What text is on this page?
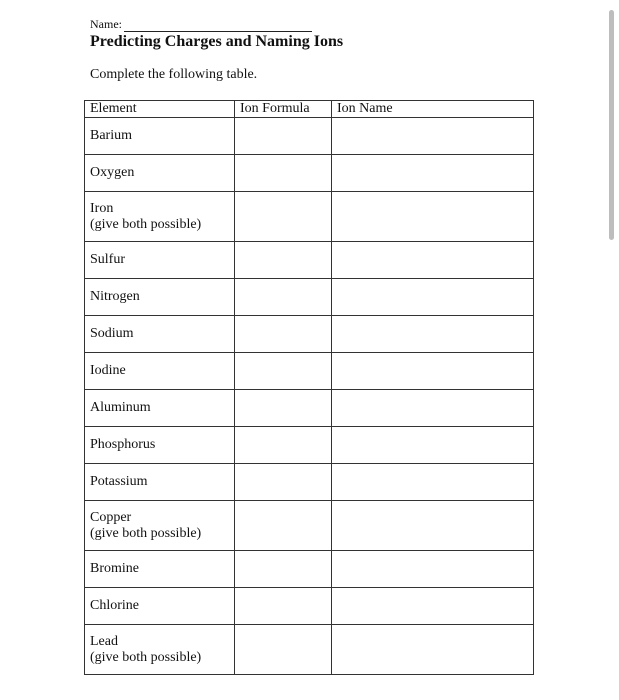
Name:
Predicting Charges and Naming Ions

Complete the following table.

Element	Ion Formula	Ion Name
Barium		
Oxygen		
Iron
(give both possible)		
Sulfur		
Nitrogen		
Sodium		
Iodine		
Aluminum		
Phosphorus		
Potassium		
Copper
(give both possible)		
Bromine		
Chlorine		
Lead
(give both possible)		
